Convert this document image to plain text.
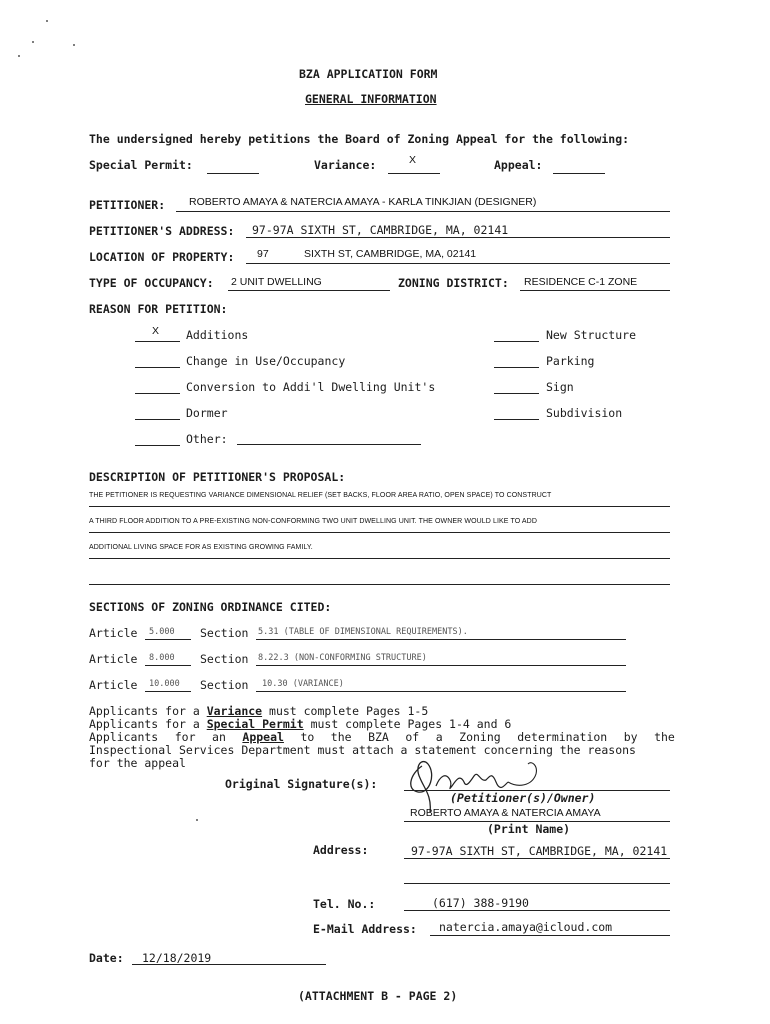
BZA APPLICATION FORM
GENERAL INFORMATION
The undersigned hereby petitions the Board of Zoning Appeal for the following:
Special Permit:	Variance:	X	Appeal:
PETITIONER: ROBERTO AMAYA & NATERCIA AMAYA - KARLA TINKJIAN (DESIGNER)
PETITIONER'S ADDRESS: 97-97A SIXTH ST, CAMBRIDGE, MA, 02141
LOCATION OF PROPERTY: 97	SIXTH ST, CAMBRIDGE, MA, 02141
TYPE OF OCCUPANCY: 2 UNIT DWELLING	ZONING DISTRICT: RESIDENCE C-1 ZONE
REASON FOR PETITION:
X Additions
Change in Use/Occupancy
Conversion to Addi'l Dwelling Unit's
Dormer
Other:
New Structure
Parking
Sign
Subdivision
DESCRIPTION OF PETITIONER'S PROPOSAL:
THE PETITIONER IS REQUESTING VARIANCE DIMENSIONAL RELIEF (SET BACKS, FLOOR AREA RATIO, OPEN SPACE) TO CONSTRUCT
A THIRD FLOOR ADDITION TO A PRE-EXISTING NON-CONFORMING TWO UNIT DWELLING UNIT. THE OWNER WOULD LIKE TO ADD
ADDITIONAL LIVING SPACE FOR AS EXISTING GROWING FAMILY.
SECTIONS OF ZONING ORDINANCE CITED:
Article 5.000 Section 5.31 (TABLE OF DIMENSIONAL REQUIREMENTS).
Article 8.000 Section 8.22.3 (NON-CONFORMING STRUCTURE)
Article 10.000 Section 10.30 (VARIANCE)
Applicants for a Variance must complete Pages 1-5
Applicants for a Special Permit must complete Pages 1-4 and 6
Applicants for an Appeal to the BZA of a Zoning determination by the
Inspectional Services Department must attach a statement concerning the reasons
for the appeal
Original Signature(s):
(Petitioner(s)/Owner)
ROBERTO AMAYA & NATERCIA AMAYA
(Print Name)
Address:	97-97A SIXTH ST, CAMBRIDGE, MA, 02141
Tel. No.:	(617) 388-9190
E-Mail Address: natercia.amaya@icloud.com
Date: 12/18/2019
(ATTACHMENT B - PAGE 2)
